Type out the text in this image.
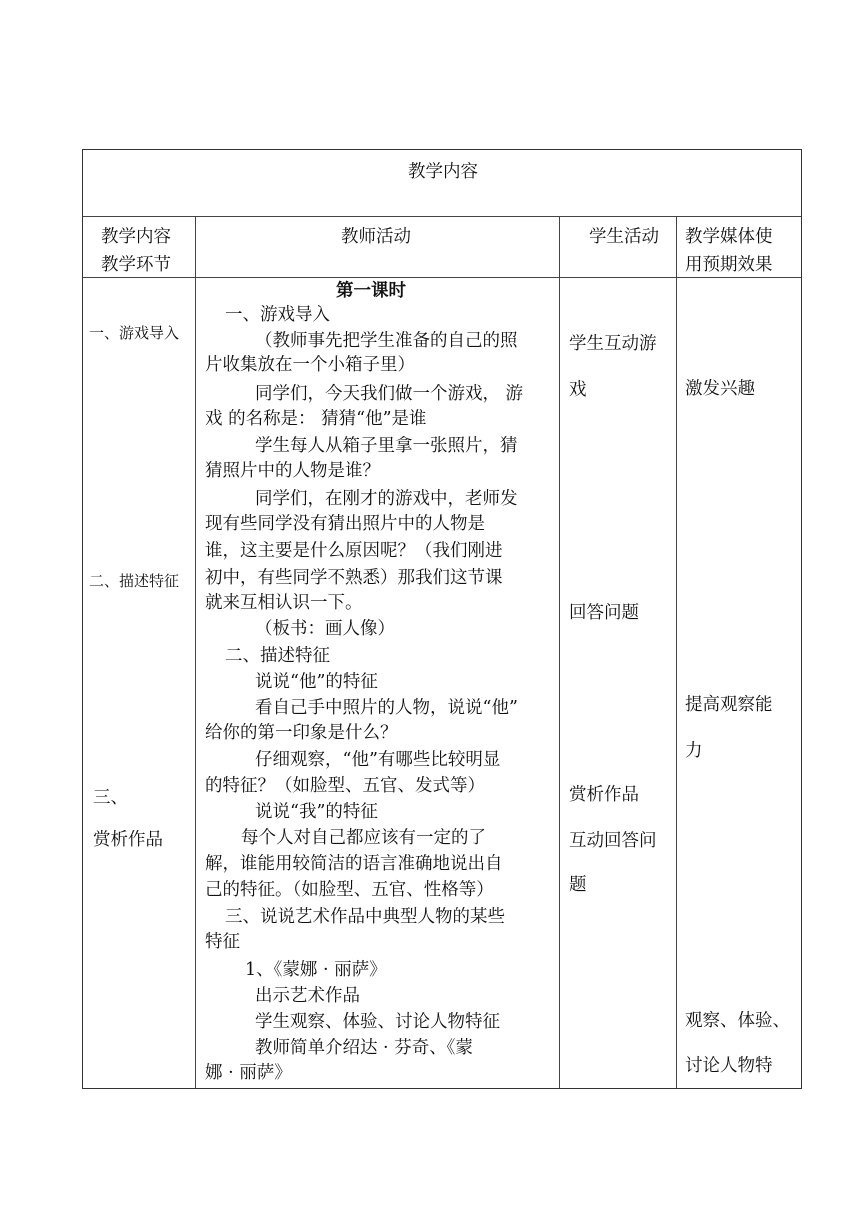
教学内容
教学内容
教学环节
教师活动	学生活动 教学媒体使
用预期效果
一、游戏导入
二、描述特征
三、
赏析作品
第一课时
一、游戏导入
（教师事先把学生准备的自己的照
片收集放在一个小箱子里）
同学们，今天我们做一个游戏， 游
戏 的名称是： 猜猜“他”是谁
学生每人从箱子里拿一张照片，猜
猜照片中的人物是谁？
同学们，在刚才的游戏中，老师发
现有些同学没有猜出照片中的人物是
谁，这主要是什么原因呢？（我们刚进
初中，有些同学不熟悉）那我们这节课
就来互相认识一下。
（板书：画人像）
二、描述特征
说说“他”的特征
看自己手中照片的人物，说说“他”
给你的第一印象是什么？
仔细观察，“他”有哪些比较明显
的特征？（如脸型、五官、发式等）
说说“我”的特征
每个人对自己都应该有一定的了
解，谁能用较简洁的语言准确地说出自
己的特征。（如脸型、五官、性格等）
三、说说艺术作品中典型人物的某些
特征
1、《蒙娜 · 丽萨》
出示艺术作品
学生观察、体验、讨论人物特征
教师简单介绍达 · 芬奇、《蒙
娜 · 丽萨》
学生互动游
戏
回答问题
赏析作品
互动回答问
题
激发兴趣
提高观察能
力
观察、体验、
讨论人物特
